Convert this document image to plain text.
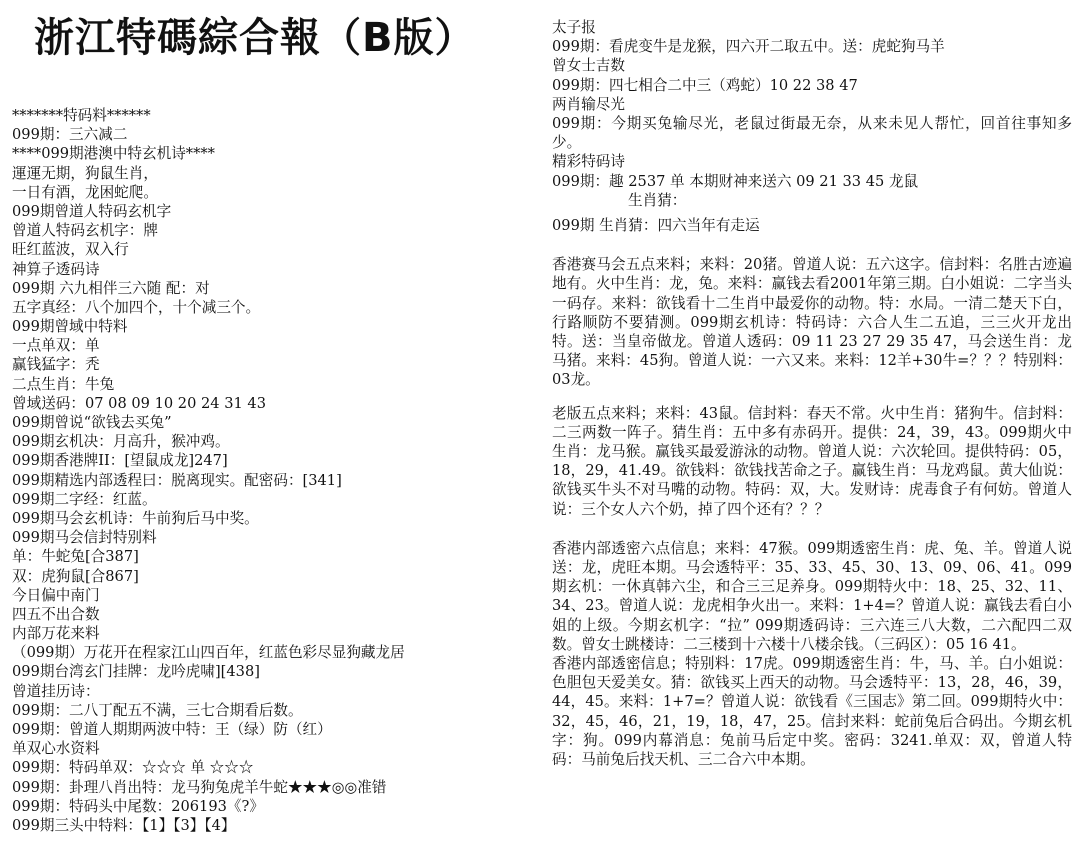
浙江特碼綜合報（B版）
*******特码料******
099期：三六减二
****099期港澳中特玄机诗****
運運无期，狗鼠生肖，
一日有酒，龙困蛇爬。
099期曾道人特码玄机字
曾道人特码玄机字：牌
旺红蓝波，双入行
神算子透码诗
099期 六九相伴三六随 配：对
五字真经：八个加四个，十个减三个。
099期曾域中特料
一点单双：单
赢钱猛字：秃
二点生肖：牛兔
曾域送码：07 08 09 10 20 24 31 43
099期曾说“欲钱去买兔”
099期玄机决：月高升，猴冲鸡。
099期香港牌II：[望鼠成龙]247]
099期精选内部透程曰：脱离现实。配密码：[341]
099期二字经：红蓝。
099期马会玄机诗：牛前狗后马中奖。
099期马会信封特别料
单：牛蛇兔[合387]
双：虎狗鼠[合867]
今日偏中南门
四五不出合数
内部万花来料
（099期）万花开在程家江山四百年，红蓝色彩尽显狗藏龙居
099期台湾玄门挂牌：龙吟虎啸][438]
曾道挂历诗：
099期：二八丁配五不满，三七合期看后数。
099期：曾道人期期两波中特：王（绿）防（红）
单双心水资料
099期：特码单双：☆☆☆ 单 ☆☆☆
099期：卦理八肖出特：龙马狗兔虎羊牛蛇★★★◎◎准错
099期：特码头中尾数：206193《?》
099期三头中特料：【1】【3】【4】
太子报
099期：看虎变牛是龙猴，四六开二取五中。送：虎蛇狗马羊
曾女士吉数
099期：四七相合二中三（鸡蛇）10 22 38 47
两肖输尽光
099期：今期买兔输尽光，老鼠过街最无奈，从来未见人帮忙，回首往事知多少。
精彩特码诗
099期：趣 2537 单 本期财神来送六 09 21 33 45 龙鼠
生肖猜：
099期 生肖猜：四六当年有走运
香港赛马会五点来料；来料：20猪。曾道人说：五六这字。信封料：名胜古迹遍地有。火中生肖：龙，兔。来料：赢钱去看2001年第三期。白小姐说：二字当头一码存。来料：欲钱看十二生肖中最爱你的动物。特：水局。一清二楚天下白，行路顺防不要猜测。099期玄机诗：特码诗：六合人生二五追，三三火开龙出特。送：当皇帝做龙。曾道人透码：09 11 23 27 29 35 47，马会送生肖：龙马猪。来料：45狗。曾道人说：一六又来。来料：12羊+30牛=？？？特别料：03龙。
老版五点来料；来料：43鼠。信封料：春天不常。火中生肖：猪狗牛。信封料：二三两数一阵子。猜生肖：五中多有赤码开。提供：24，39，43。099期火中生肖：龙马猴。赢钱买最爱游泳的动物。曾道人说：六次轮回。提供特码：05，18，29，41.49。欲钱料：欲钱找苦命之子。赢钱生肖：马龙鸡鼠。黄大仙说：欲钱买牛头不对马嘴的动物。特码：双，大。发财诗：虎毒食子有何妨。曾道人说：三个女人六个奶，掉了四个还有？？？
香港内部透密六点信息；来料：47猴。099期透密生肖：虎、兔、羊。曾道人说送：龙，虎旺本期。马会透特平：35、33、45、30、13、09、06、41。099期玄机：一休真韩六尘，和合三三足养身。099期特火中：18、25、32、11、34、23。曾道人说：龙虎相争火出一。来料：1+4=？曾道人说：赢钱去看白小姐的上级。今期玄机字：“拉” 099期透码诗：三六连三八大数，二六配四二双数。曾女士跳楼诗：二三楼到十六楼十八楼余钱。（三码区）：05 16 41。
香港内部透密信息；特别料：17虎。099期透密生肖：牛，马、羊。白小姐说：色胆包天爱美女。猜：欲钱买上西天的动物。马会透特平：13，28，46，39，44，45。来料：1+7=？曾道人说：欲钱看《三国志》第二回。099期特火中：32，45，46，21，19，18，47，25。信封来料：蛇前兔后合码出。今期玄机字：狗。099内幕消息：兔前马后定中奖。密码：3241.单双：双，曾道人特码：马前兔后找天机、三二合六中本期。
